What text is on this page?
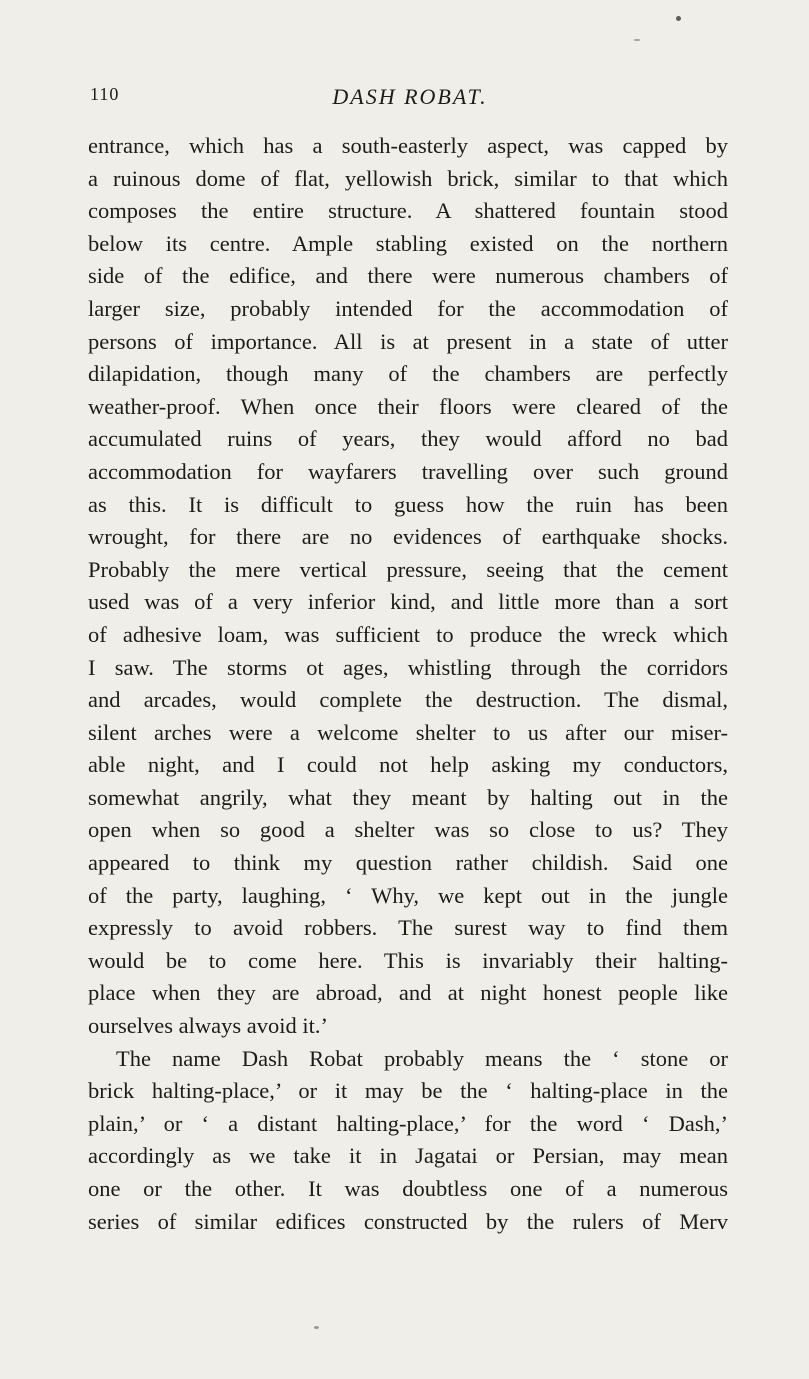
110	DASH ROBAT.
entrance, which has a south-easterly aspect, was capped by
a ruinous dome of flat, yellowish brick, similar to that which
composes the entire structure. A shattered fountain stood
below its centre. Ample stabling existed on the northern
side of the edifice, and there were numerous chambers of
larger size, probably intended for the accommodation of
persons of importance. All is at present in a state of utter
dilapidation, though many of the chambers are perfectly
weather-proof. When once their floors were cleared of the
accumulated ruins of years, they would afford no bad
accommodation for wayfarers travelling over such ground
as this. It is difficult to guess how the ruin has been
wrought, for there are no evidences of earthquake shocks.
Probably the mere vertical pressure, seeing that the cement
used was of a very inferior kind, and little more than a sort
of adhesive loam, was sufficient to produce the wreck which
I saw. The storms ot ages, whistling through the corridors
and arcades, would complete the destruction. The dismal,
silent arches were a welcome shelter to us after our miser-
able night, and I could not help asking my conductors,
somewhat angrily, what they meant by halting out in the
open when so good a shelter was so close to us? They
appeared to think my question rather childish. Said one
of the party, laughing, ‘ Why, we kept out in the jungle
expressly to avoid robbers. The surest way to find them
would be to come here. This is invariably their halting-
place when they are abroad, and at night honest people like
ourselves always avoid it.’
The name Dash Robat probably means the ‘ stone or
brick halting-place,’ or it may be the ‘ halting-place in the
plain,’ or ‘ a distant halting-place,’ for the word ‘ Dash,’
accordingly as we take it in Jagatai or Persian, may mean
one or the other. It was doubtless one of a numerous
series of similar edifices constructed by the rulers of Merv
